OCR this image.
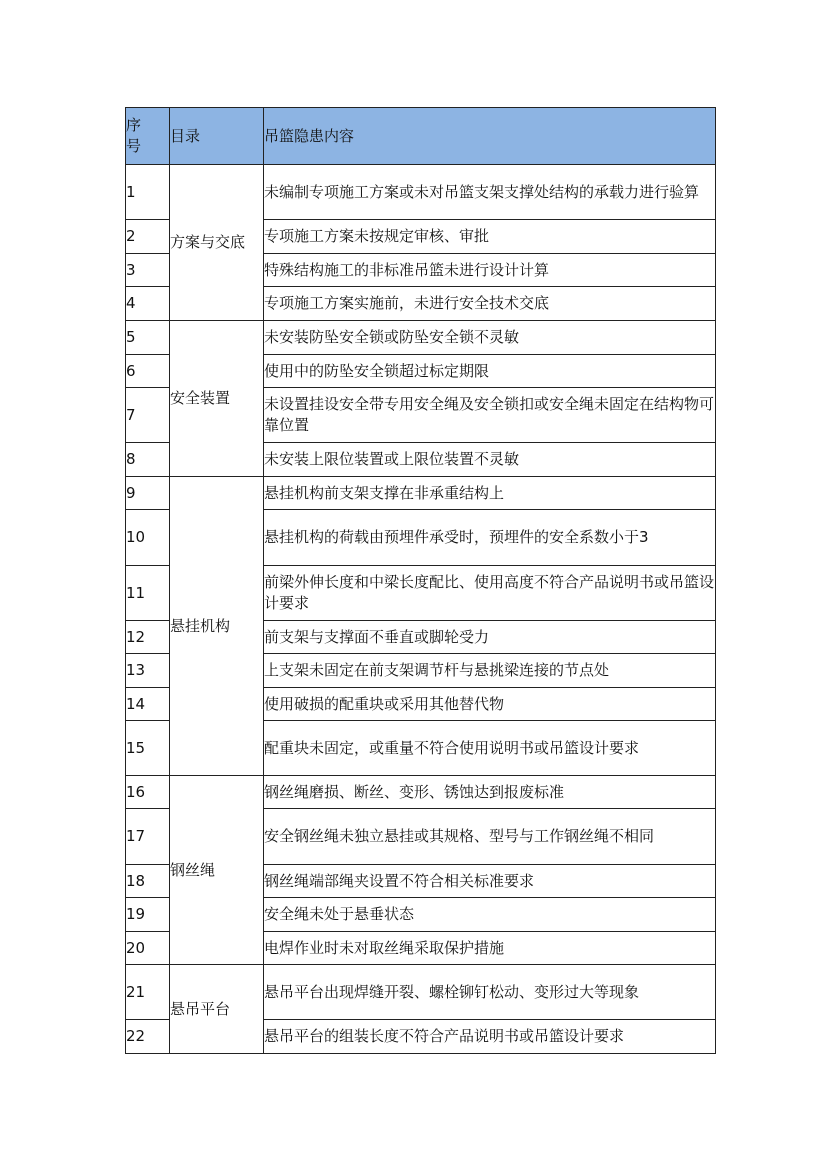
序号	目录	吊篮隐患内容
1	方案与交底	未编制专项施工方案或未对吊篮支架支撑处结构的承载力进行验算
2		专项施工方案未按规定审核、审批
3		特殊结构施工的非标准吊篮未进行设计计算
4		专项施工方案实施前，未进行安全技术交底
5	安全装置	未安装防坠安全锁或防坠安全锁不灵敏
6		使用中的防坠安全锁超过标定期限
7		未设置挂设安全带专用安全绳及安全锁扣或安全绳未固定在结构物可靠位置
8		未安装上限位装置或上限位装置不灵敏
9	悬挂机构	悬挂机构前支架支撑在非承重结构上
10		悬挂机构的荷载由预埋件承受时，预埋件的安全系数小于3
11		前梁外伸长度和中梁长度配比、使用高度不符合产品说明书或吊篮设计要求
12		前支架与支撑面不垂直或脚轮受力
13		上支架未固定在前支架调节杆与悬挑梁连接的节点处
14		使用破损的配重块或采用其他替代物
15		配重块未固定，或重量不符合使用说明书或吊篮设计要求
16	钢丝绳	钢丝绳磨损、断丝、变形、锈蚀达到报废标准
17		安全钢丝绳未独立悬挂或其规格、型号与工作钢丝绳不相同
18		钢丝绳端部绳夹设置不符合相关标准要求
19		安全绳未处于悬垂状态
20		电焊作业时未对取丝绳采取保护措施
21	悬吊平台	悬吊平台出现焊缝开裂、螺栓铆钉松动、变形过大等现象
22		悬吊平台的组装长度不符合产品说明书或吊篮设计要求
